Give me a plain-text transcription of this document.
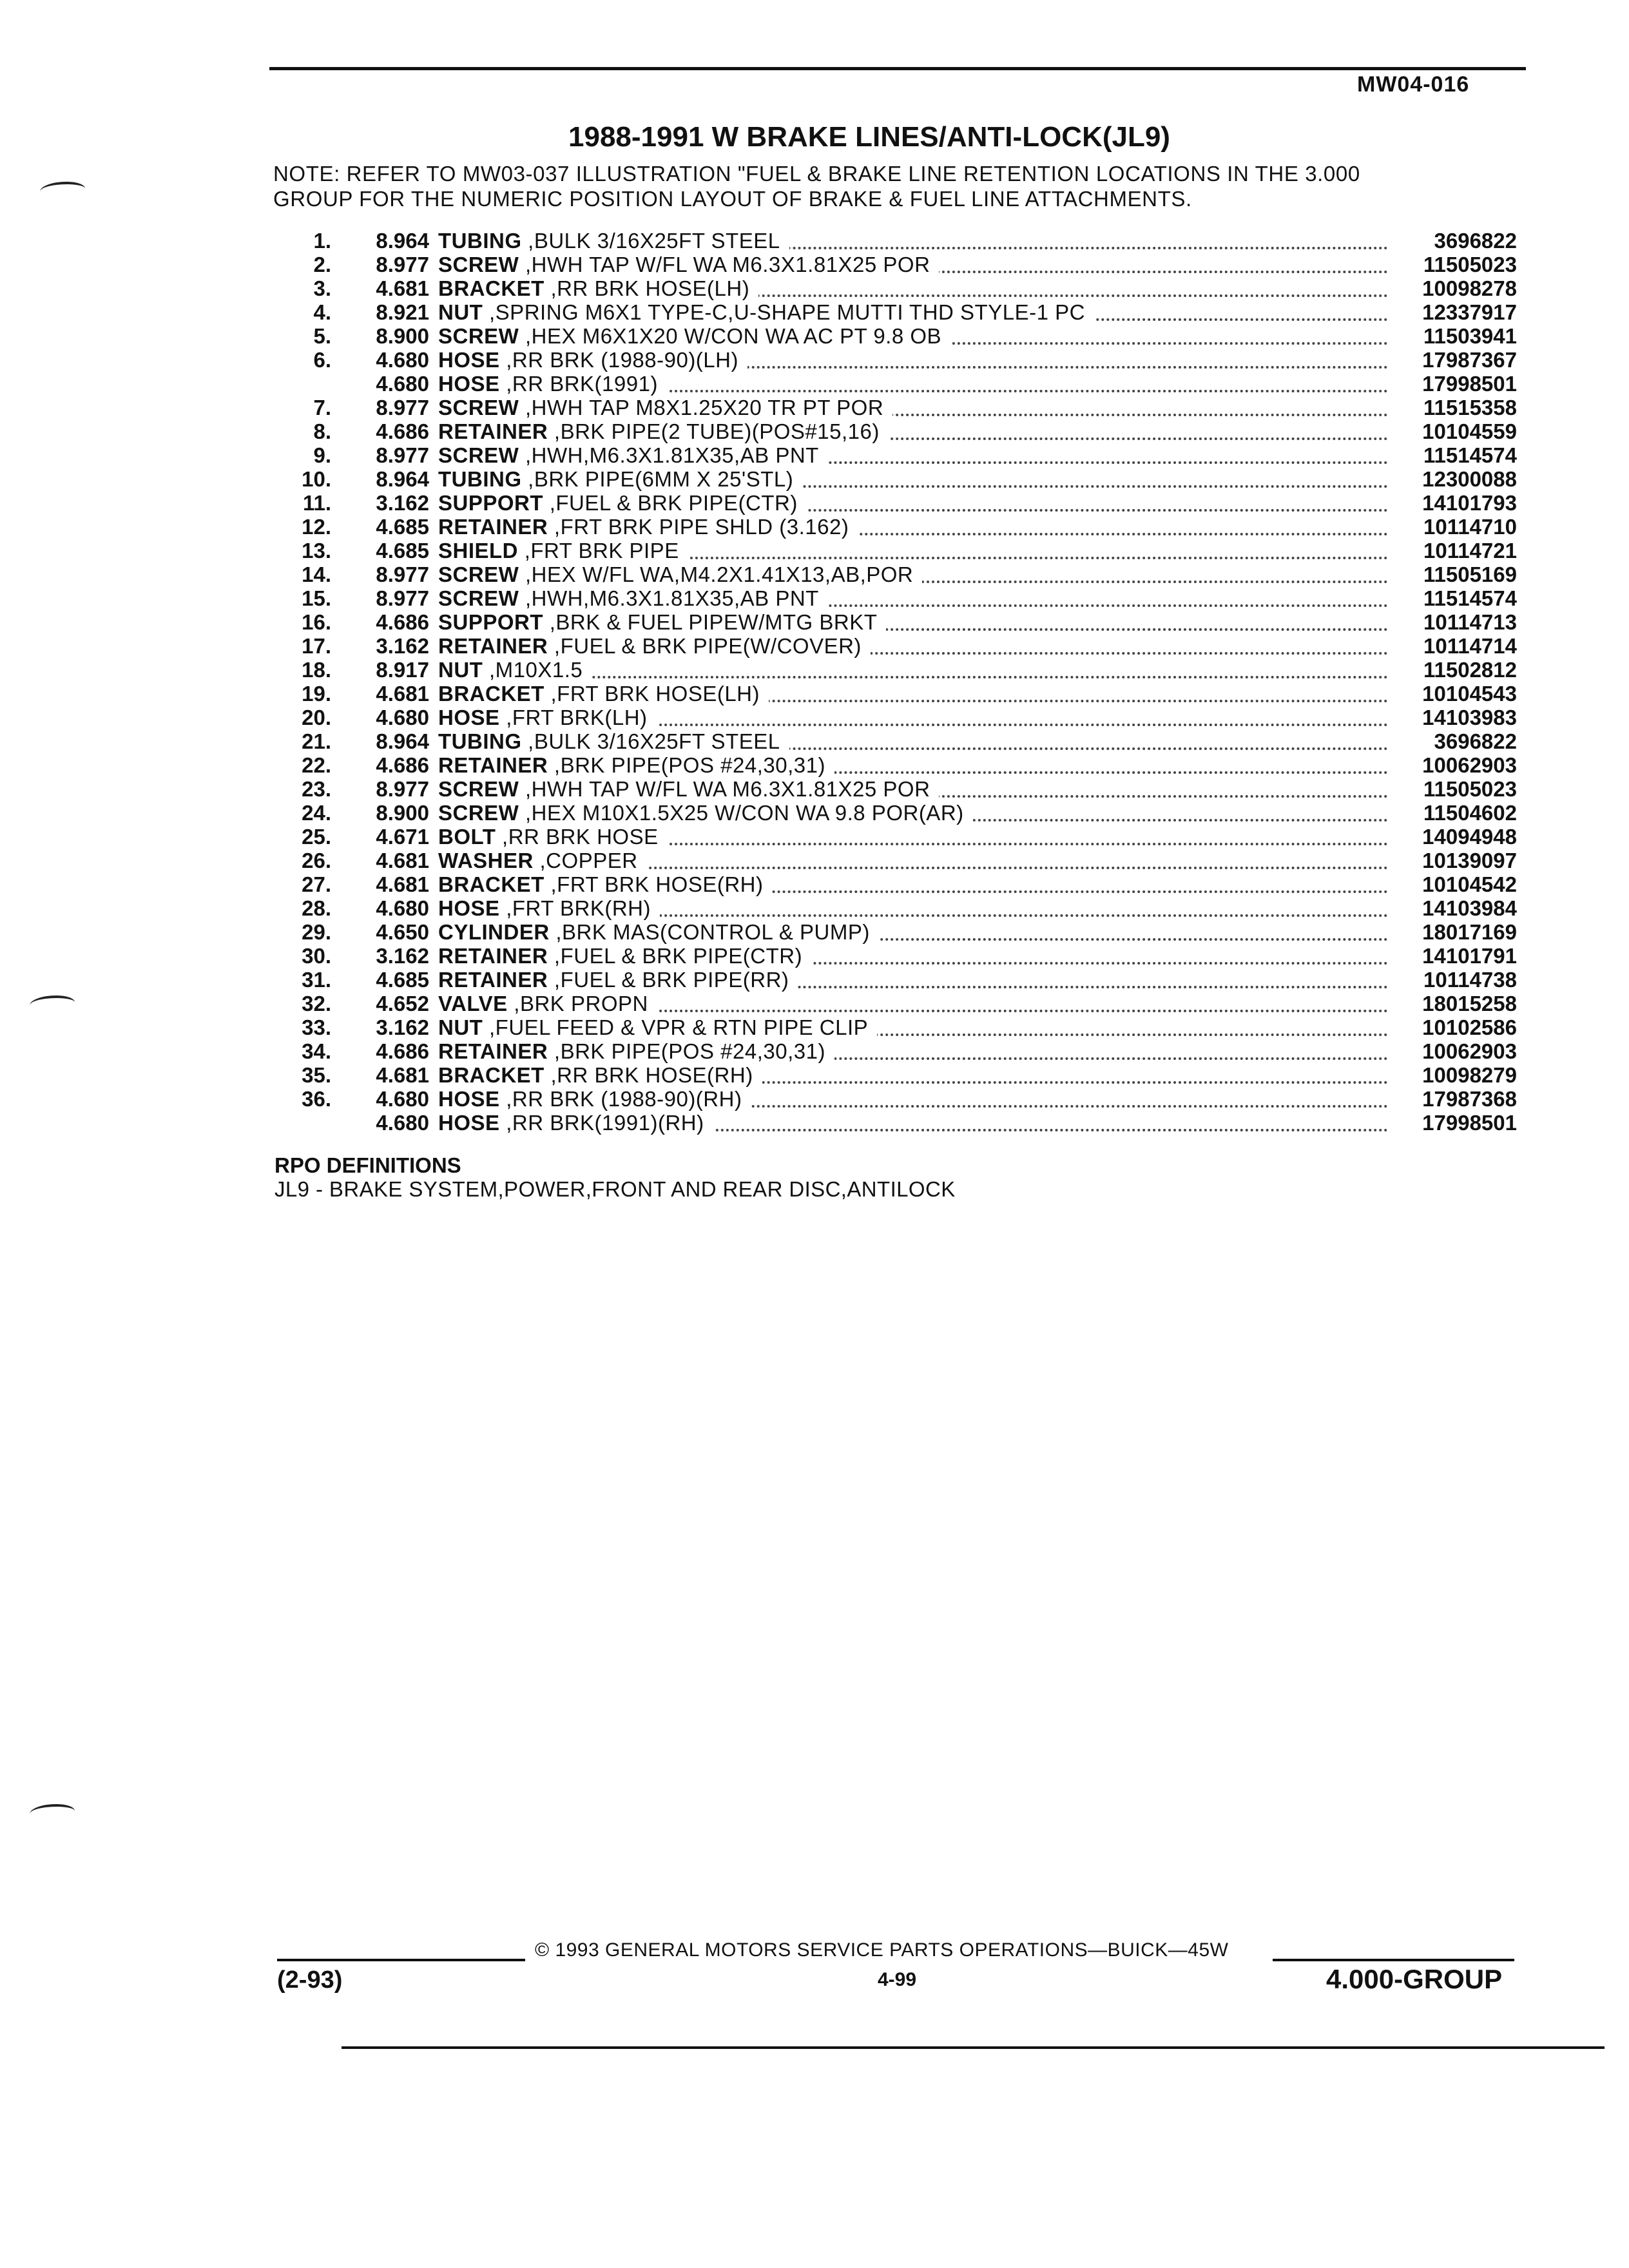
MW04-016
1988-1991 W BRAKE LINES/ANTI-LOCK(JL9)
NOTE: REFER TO MW03-037 ILLUSTRATION "FUEL & BRAKE LINE RETENTION LOCATIONS IN THE 3.000
GROUP FOR THE NUMERIC POSITION LAYOUT OF BRAKE & FUEL LINE ATTACHMENTS.
1.	8.964 TUBING ,BULK 3/16X25FT STEEL	3696822
2.	8.977 SCREW ,HWH TAP W/FL WA M6.3X1.81X25 POR	11505023
3.	4.681 BRACKET ,RR BRK HOSE(LH)	10098278
4.	8.921 NUT ,SPRING M6X1 TYPE-C,U-SHAPE MUTTI THD STYLE-1 PC	12337917
5.	8.900 SCREW ,HEX M6X1X20 W/CON WA AC PT 9.8 OB	11503941
6.	4.680 HOSE ,RR BRK (1988-90)(LH)	17987367
4.680 HOSE ,RR BRK(1991)	17998501
7.	8.977 SCREW ,HWH TAP M8X1.25X20 TR PT POR	11515358
8.	4.686 RETAINER ,BRK PIPE(2 TUBE)(POS#15,16)	10104559
9.	8.977 SCREW ,HWH,M6.3X1.81X35,AB PNT	11514574
10.	8.964 TUBING ,BRK PIPE(6MM X 25'STL)	12300088
11.	3.162 SUPPORT ,FUEL & BRK PIPE(CTR)	14101793
12.	4.685 RETAINER ,FRT BRK PIPE SHLD (3.162)	10114710
13.	4.685 SHIELD ,FRT BRK PIPE	10114721
14.	8.977 SCREW ,HEX W/FL WA,M4.2X1.41X13,AB,POR	11505169
15.	8.977 SCREW ,HWH,M6.3X1.81X35,AB PNT	11514574
16.	4.686 SUPPORT ,BRK & FUEL PIPEW/MTG BRKT	10114713
17.	3.162 RETAINER ,FUEL & BRK PIPE(W/COVER)	10114714
18.	8.917 NUT ,M10X1.5	11502812
19.	4.681 BRACKET ,FRT BRK HOSE(LH)	10104543
20.	4.680 HOSE ,FRT BRK(LH)	14103983
21.	8.964 TUBING ,BULK 3/16X25FT STEEL	3696822
22.	4.686 RETAINER ,BRK PIPE(POS #24,30,31)	10062903
23.	8.977 SCREW ,HWH TAP W/FL WA M6.3X1.81X25 POR	11505023
24.	8.900 SCREW ,HEX M10X1.5X25 W/CON WA 9.8 POR(AR)	11504602
25.	4.671 BOLT ,RR BRK HOSE	14094948
26.	4.681 WASHER ,COPPER	10139097
27.	4.681 BRACKET ,FRT BRK HOSE(RH)	10104542
28.	4.680 HOSE ,FRT BRK(RH)	14103984
29.	4.650 CYLINDER ,BRK MAS(CONTROL & PUMP)	18017169
30.	3.162 RETAINER ,FUEL & BRK PIPE(CTR)	14101791
31.	4.685 RETAINER ,FUEL & BRK PIPE(RR)	10114738
32.	4.652 VALVE ,BRK PROPN	18015258
33.	3.162 NUT ,FUEL FEED & VPR & RTN PIPE CLIP	10102586
34.	4.686 RETAINER ,BRK PIPE(POS #24,30,31)	10062903
35.	4.681 BRACKET ,RR BRK HOSE(RH)	10098279
36.	4.680 HOSE ,RR BRK (1988-90)(RH)	17987368
4.680 HOSE ,RR BRK(1991)(RH)	17998501
RPO DEFINITIONS
JL9 - BRAKE SYSTEM,POWER,FRONT AND REAR DISC,ANTILOCK
© 1993 GENERAL MOTORS SERVICE PARTS OPERATIONS—BUICK—45W
(2-93)	4-99	4.000-GROUP
